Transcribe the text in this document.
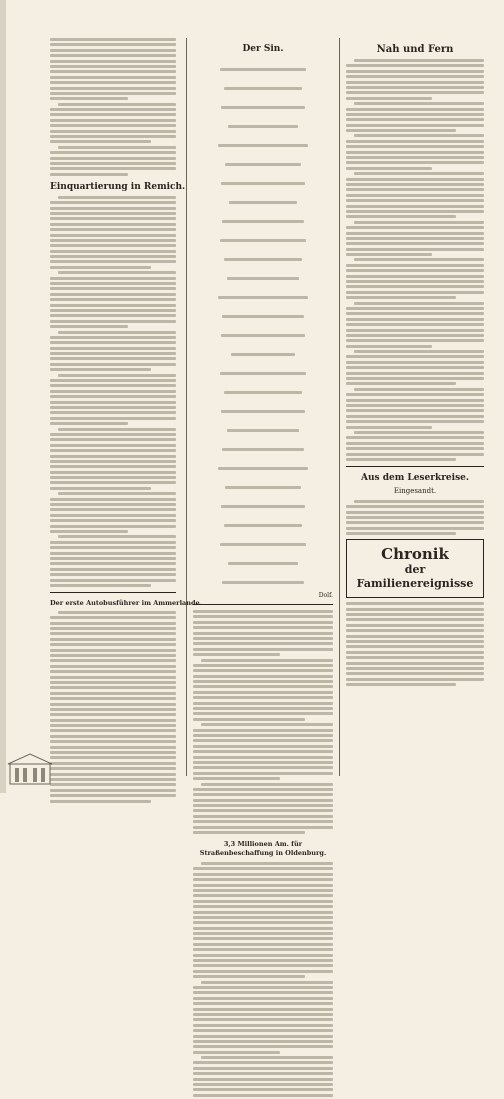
Einquartierung in Remich.
Der erste Autobusführer im Ammerlande.
Der Sin.

Dolf.
3,3 Millionen Am. für Straßenbeschaffung in Oldenburg.
Nah und Fern
Aus dem Leserkreise.
Eingesandt.
Chronik
der Familienereignisse
